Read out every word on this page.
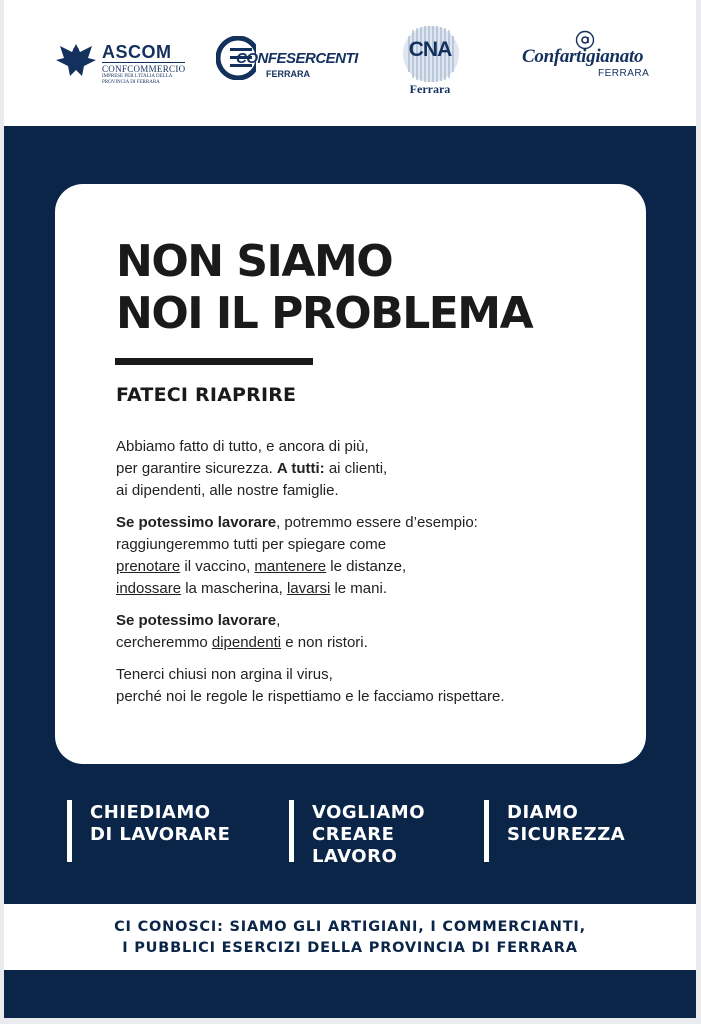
ASCOM
CONFCOMMERCIO
IMPRESE PER L'ITALIA DELLA PROVINCIA DI FERRARA
CONFESERCENTI
FERRARA
CNA
Ferrara
Confartigianato
FERRARA
NON SIAMO
NOI IL PROBLEMA
FATECI RIAPRIRE

Abbiamo fatto di tutto, e ancora di più,
per garantire sicurezza. A tutti: ai clienti,
ai dipendenti, alle nostre famiglie.

Se potessimo lavorare, potremmo essere d’esempio:
raggiungeremmo tutti per spiegare come
prenotare il vaccino, mantenere le distanze,
indossare la mascherina, lavarsi le mani.

Se potessimo lavorare,
cercheremmo dipendenti e non ristori.

Tenerci chiusi non argina il virus,
perché noi le regole le rispettiamo e le facciamo rispettare.

CHIEDIAMO
DI LAVORARE
VOGLIAMO
CREARE
LAVORO
DIAMO
SICUREZZA
CI CONOSCI: SIAMO GLI ARTIGIANI, I COMMERCIANTI,
I PUBBLICI ESERCIZI DELLA PROVINCIA DI FERRARA
